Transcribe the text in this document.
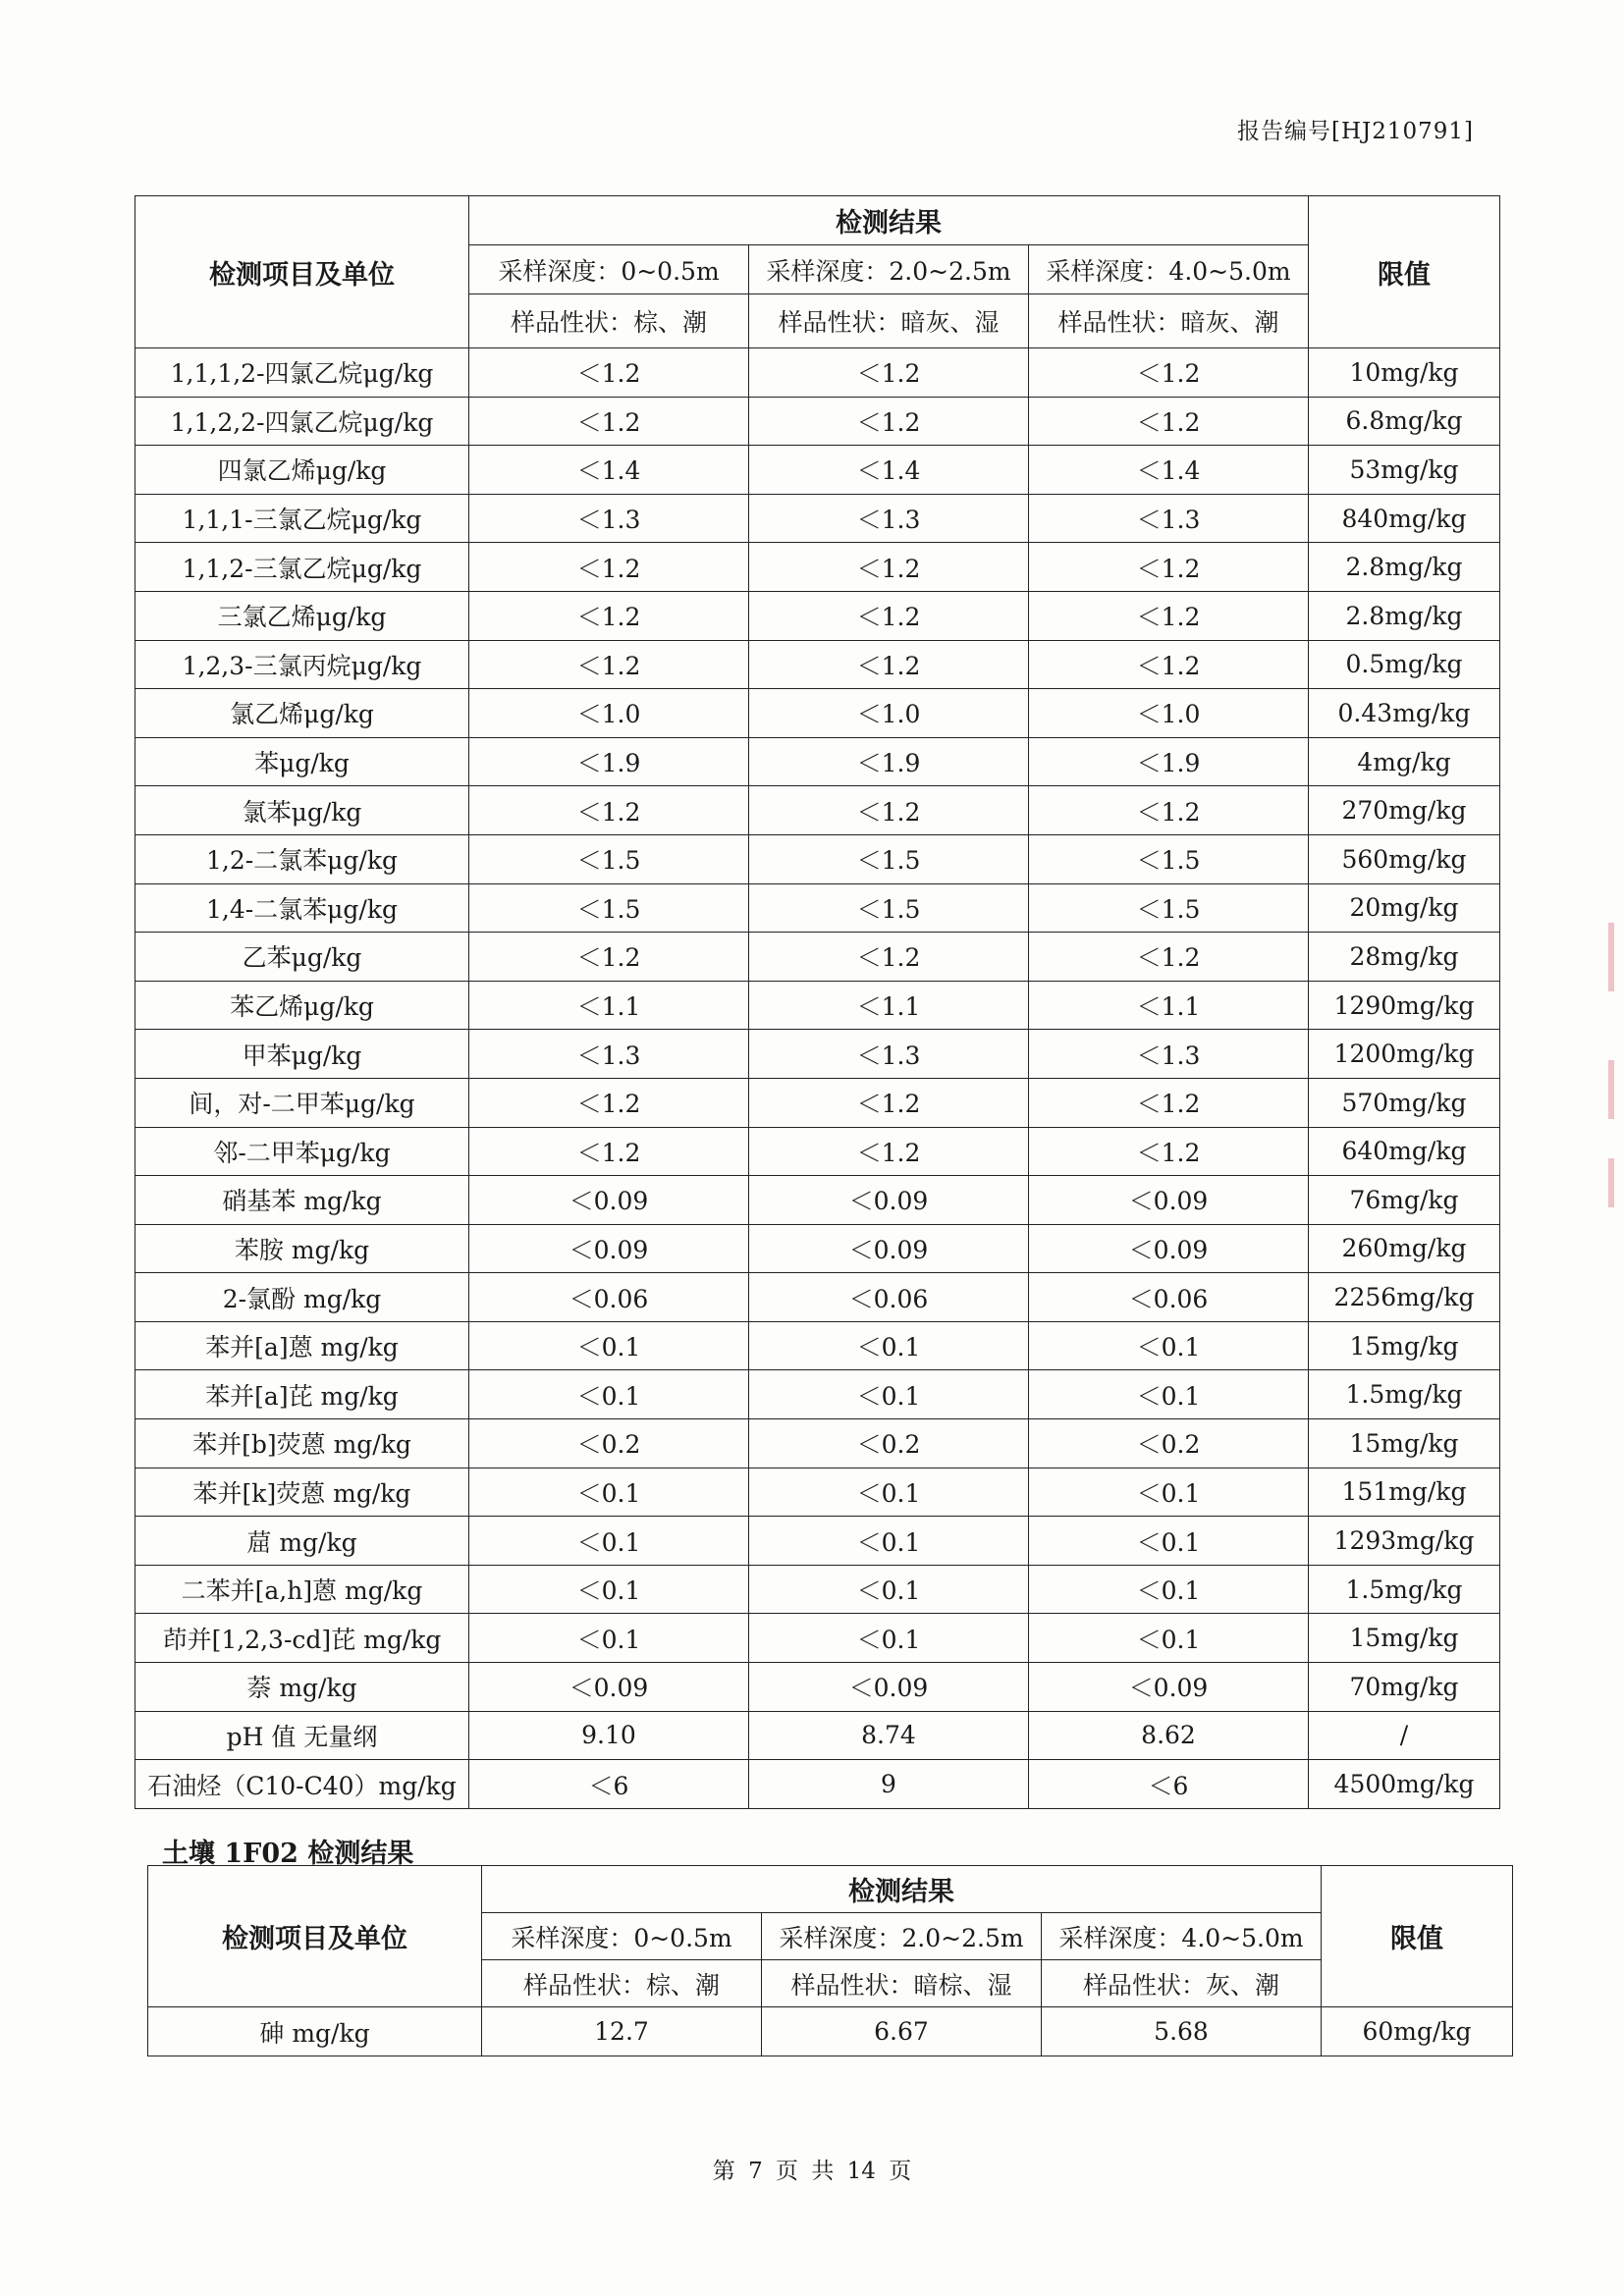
报告编号[HJ210791]
检测项目及单位	检测结果			限值
	采样深度：0~0.5m	采样深度：2.0~2.5m	采样深度：4.0~5.0m	
	样品性状：棕、潮	样品性状：暗灰、湿	样品性状：暗灰、潮	
1,1,1,2-四氯乙烷μg/kg	＜1.2	＜1.2	＜1.2	10mg/kg
1,1,2,2-四氯乙烷μg/kg	＜1.2	＜1.2	＜1.2	6.8mg/kg
四氯乙烯μg/kg	＜1.4	＜1.4	＜1.4	53mg/kg
1,1,1-三氯乙烷μg/kg	＜1.3	＜1.3	＜1.3	840mg/kg
1,1,2-三氯乙烷μg/kg	＜1.2	＜1.2	＜1.2	2.8mg/kg
三氯乙烯μg/kg	＜1.2	＜1.2	＜1.2	2.8mg/kg
1,2,3-三氯丙烷μg/kg	＜1.2	＜1.2	＜1.2	0.5mg/kg
氯乙烯μg/kg	＜1.0	＜1.0	＜1.0	0.43mg/kg
苯μg/kg	＜1.9	＜1.9	＜1.9	4mg/kg
氯苯μg/kg	＜1.2	＜1.2	＜1.2	270mg/kg
1,2-二氯苯μg/kg	＜1.5	＜1.5	＜1.5	560mg/kg
1,4-二氯苯μg/kg	＜1.5	＜1.5	＜1.5	20mg/kg
乙苯μg/kg	＜1.2	＜1.2	＜1.2	28mg/kg
苯乙烯μg/kg	＜1.1	＜1.1	＜1.1	1290mg/kg
甲苯μg/kg	＜1.3	＜1.3	＜1.3	1200mg/kg
间，对-二甲苯μg/kg	＜1.2	＜1.2	＜1.2	570mg/kg
邻-二甲苯μg/kg	＜1.2	＜1.2	＜1.2	640mg/kg
硝基苯 mg/kg	＜0.09	＜0.09	＜0.09	76mg/kg
苯胺 mg/kg	＜0.09	＜0.09	＜0.09	260mg/kg
2-氯酚 mg/kg	＜0.06	＜0.06	＜0.06	2256mg/kg
苯并[a]蒽 mg/kg	＜0.1	＜0.1	＜0.1	15mg/kg
苯并[a]芘 mg/kg	＜0.1	＜0.1	＜0.1	1.5mg/kg
苯并[b]荧蒽 mg/kg	＜0.2	＜0.2	＜0.2	15mg/kg
苯并[k]荧蒽 mg/kg	＜0.1	＜0.1	＜0.1	151mg/kg
䓛 mg/kg	＜0.1	＜0.1	＜0.1	1293mg/kg
二苯并[a,h]蒽 mg/kg	＜0.1	＜0.1	＜0.1	1.5mg/kg
茚并[1,2,3-cd]芘 mg/kg	＜0.1	＜0.1	＜0.1	15mg/kg
萘 mg/kg	＜0.09	＜0.09	＜0.09	70mg/kg
pH 值 无量纲	9.10	8.74	8.62	/
石油烃（C10-C40）mg/kg	＜6	9	＜6	4500mg/kg
土壤 1F02 检测结果
检测项目及单位	检测结果			限值
	采样深度：0~0.5m	采样深度：2.0~2.5m	采样深度：4.0~5.0m	
	样品性状：棕、潮	样品性状：暗棕、湿	样品性状：灰、潮	
砷 mg/kg	12.7	6.67	5.68	60mg/kg
第 7 页 共 14 页
